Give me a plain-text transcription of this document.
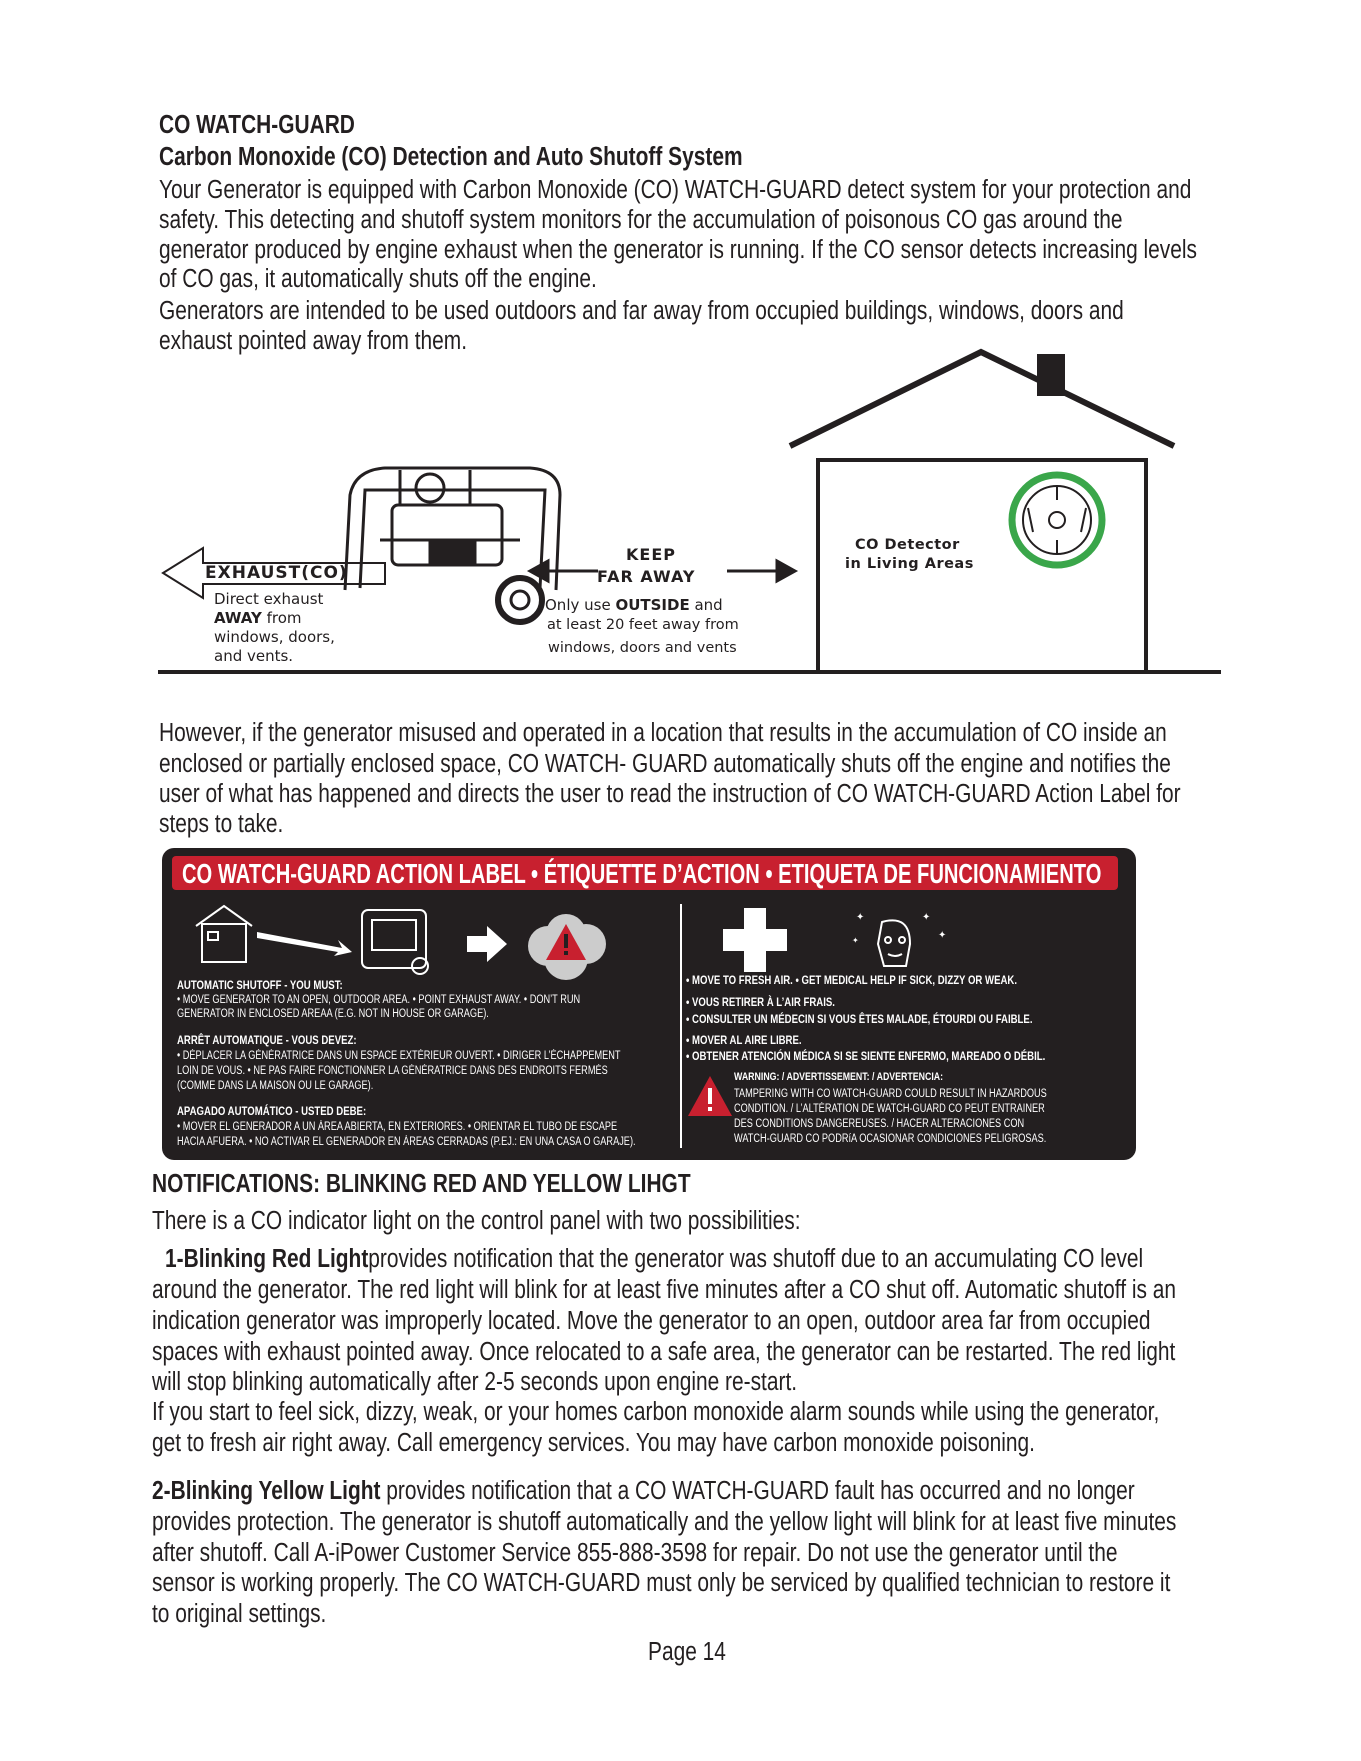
CO WATCH-GUARD
Carbon Monoxide (CO) Detection and Auto Shutoff System
Your Generator is equipped with Carbon Monoxide (CO) WATCH-GUARD detect system for your protection and
safety. This detecting and shutoff system monitors for the accumulation of poisonous CO gas around the
generator produced by engine exhaust when the generator is running. If the CO sensor detects increasing levels
of CO gas, it automatically shuts off the engine.
Generators are intended to be used outdoors and far away from occupied buildings, windows, doors and
exhaust pointed away from them.
EXHAUST(CO)
Direct exhaust
AWAY from
windows, doors,
and vents.
KEEP
FAR AWAY
Only use OUTSIDE and
at least 20 feet away from
windows, doors and vents
CO Detector
in Living Areas
However, if the generator misused and operated in a location that results in the accumulation of CO inside an
enclosed or partially enclosed space, CO WATCH- GUARD automatically shuts off the engine and notifies the
user of what has happened and directs the user to read the instruction of CO WATCH-GUARD Action Label for
steps to take.
CO WATCH-GUARD ACTION LABEL • ÉTIQUETTE D’ACTION • ETIQUETA DE FUNCIONAMIENTO
✦	✦
✦
✦
AUTOMATIC SHUTOFF - YOU MUST:
• MOVE GENERATOR TO AN OPEN, OUTDOOR AREA. • POINT EXHAUST AWAY. • DON’T RUN
GENERATOR IN ENCLOSED AREAA (E.G. NOT IN HOUSE OR GARAGE).
ARRÊT AUTOMATIQUE - VOUS DEVEZ:
• DÉPLACER LA GÉNÉRATRICE DANS UN ESPACE EXTÉRIEUR OUVERT. • DIRIGER L’ÉCHAPPEMENT
LOIN DE VOUS. • NE PAS FAIRE FONCTIONNER LA GÉNÉRATRICE DANS DES ENDROITS FERMÉS
(COMME DANS LA MAISON OU LE GARAGE).
APAGADO AUTOMÁTICO - USTED DEBE:
• MOVER EL GENERADOR A UN ÁREA ABIERTA, EN EXTERIORES. • ORIENTAR EL TUBO DE ESCAPE
HACIA AFUERA. • NO ACTIVAR EL GENERADOR EN ÁREAS CERRADAS (P.EJ.: EN UNA CASA O GARAJE).
• MOVE TO FRESH AIR. • GET MEDICAL HELP IF SICK, DIZZY OR WEAK.
• VOUS RETIRER À L’AIR FRAIS.
• CONSULTER UN MÉDECIN SI VOUS ÊTES MALADE, ÉTOURDI OU FAIBLE.
• MOVER AL AIRE LIBRE.
• OBTENER ATENCIÓN MÉDICA SI SE SIENTE ENFERMO, MAREADO O DÉBIL.
WARNING: / ADVERTISSEMENT: / ADVERTENCIA:
TAMPERING WITH CO WATCH-GUARD COULD RESULT IN HAZARDOUS
CONDITION. / L’ALTÉRATION DE WATCH-GUARD CO PEUT ENTRAINER
DES CONDITIONS DANGEREUSES. / HACER ALTERACIONES CON
WATCH-GUARD CO PODRíA OCASIONAR CONDICIONES PELIGROSAS.
NOTIFICATIONS: BLINKING RED AND YELLOW LIHGT
There is a CO indicator light on the control panel with two possibilities:
1-Blinking Red Lightprovides notification that the generator was shutoff due to an accumulating CO level
around the generator. The red light will blink for at least five minutes after a CO shut off. Automatic shutoff is an
indication generator was improperly located. Move the generator to an open, outdoor area far from occupied
spaces with exhaust pointed away. Once relocated to a safe area, the generator can be restarted. The red light
will stop blinking automatically after 2-5 seconds upon engine re-start.
If you start to feel sick, dizzy, weak, or your homes carbon monoxide alarm sounds while using the generator,
get to fresh air right away. Call emergency services. You may have carbon monoxide poisoning.
2-Blinking Yellow Light provides notification that a CO WATCH-GUARD fault has occurred and no longer
provides protection. The generator is shutoff automatically and the yellow light will blink for at least five minutes
after shutoff. Call A-iPower Customer Service 855-888-3598 for repair. Do not use the generator until the
sensor is working properly. The CO WATCH-GUARD must only be serviced by qualified technician to restore it
to original settings.
Page 14
